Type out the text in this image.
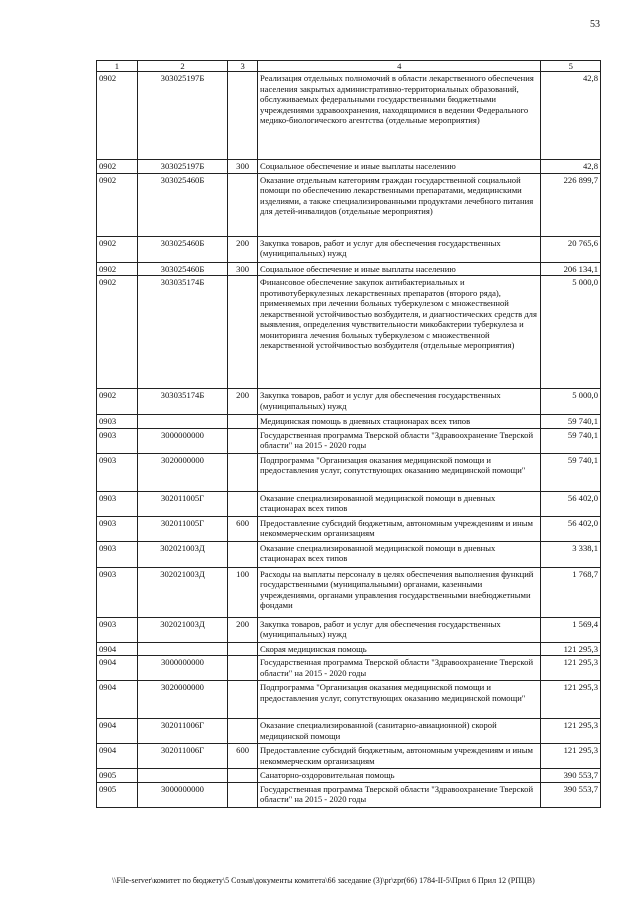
53
1	2	3	4	5
0902	303025197Б		Реализация отдельных полномочий в области лекарственного обеспечения населения закрытых административно-территориальных образований, обслуживаемых федеральными государственными бюджетными учреждениями здравоохранения, находящимися в ведении Федерального медико-биологического агентства (отдельные мероприятия)	42,8
0902	303025197Б	300	Социальное обеспечение и иные выплаты населению	42,8
0902	303025460Б		Оказание отдельным категориям граждан государственной социальной помощи по обеспечению лекарственными препаратами, медицинскими изделиями, а также специализированными продуктами лечебного питания для детей-инвалидов (отдельные мероприятия)	226 899,7
0902	303025460Б	200	Закупка товаров, работ и услуг для обеспечения государственных (муниципальных) нужд	20 765,6
0902	303025460Б	300	Социальное обеспечение и иные выплаты населению	206 134,1
0902	303035174Б		Финансовое обеспечение закупок антибактериальных и противотуберкулезных лекарственных препаратов (второго ряда), применяемых при лечении больных туберкулезом с множественной лекарственной устойчивостью возбудителя, и диагностических средств для выявления, определения чувствительности микобактерии туберкулеза и мониторинга лечения больных туберкулезом с множественной лекарственной устойчивостью возбудителя (отдельные мероприятия)	5 000,0
0902	303035174Б	200	Закупка товаров, работ и услуг для обеспечения государственных (муниципальных) нужд	5 000,0
0903			Медицинская помощь в дневных стационарах всех типов	59 740,1
0903	3000000000		Государственная программа Тверской области "Здравоохранение Тверской области" на 2015 - 2020 годы	59 740,1
0903	3020000000		Подпрограмма "Организация оказания медицинской помощи и предоставления услуг, сопутствующих оказанию медицинской помощи"	59 740,1
0903	302011005Г		Оказание специализированной медицинской помощи в дневных стационарах всех типов	56 402,0
0903	302011005Г	600	Предоставление субсидий бюджетным, автономным учреждениям и иным некоммерческим организациям	56 402,0
0903	302021003Д		Оказание специализированной медицинской помощи в дневных стационарах всех типов	3 338,1
0903	302021003Д	100	Расходы на выплаты персоналу в целях обеспечения выполнения функций государственными (муниципальными) органами, казенными учреждениями, органами управления государственными внебюджетными фондами	1 768,7
0903	302021003Д	200	Закупка товаров, работ и услуг для обеспечения государственных (муниципальных) нужд	1 569,4
0904			Скорая медицинская помощь	121 295,3
0904	3000000000		Государственная программа Тверской области "Здравоохранение Тверской области" на 2015 - 2020 годы	121 295,3
0904	3020000000		Подпрограмма "Организация оказания медицинской помощи и предоставления услуг, сопутствующих оказанию медицинской помощи"	121 295,3
0904	302011006Г		Оказание специализированной (санитарно-авиационной) скорой медицинской помощи	121 295,3
0904	302011006Г	600	Предоставление субсидий бюджетным, автономным учреждениям и иным некоммерческим организациям	121 295,3
0905			Санаторно-оздоровительная помощь	390 553,7
0905	3000000000		Государственная программа Тверской области "Здравоохранение Тверской области" на 2015 - 2020 годы	390 553,7
\\File-server\комитет по бюджету\5 Созыв\документы комитета\66 заседание (3)\pr\zpr(66) 1784-II-5\Прил 6 Прил 12 (РПЦВ)
